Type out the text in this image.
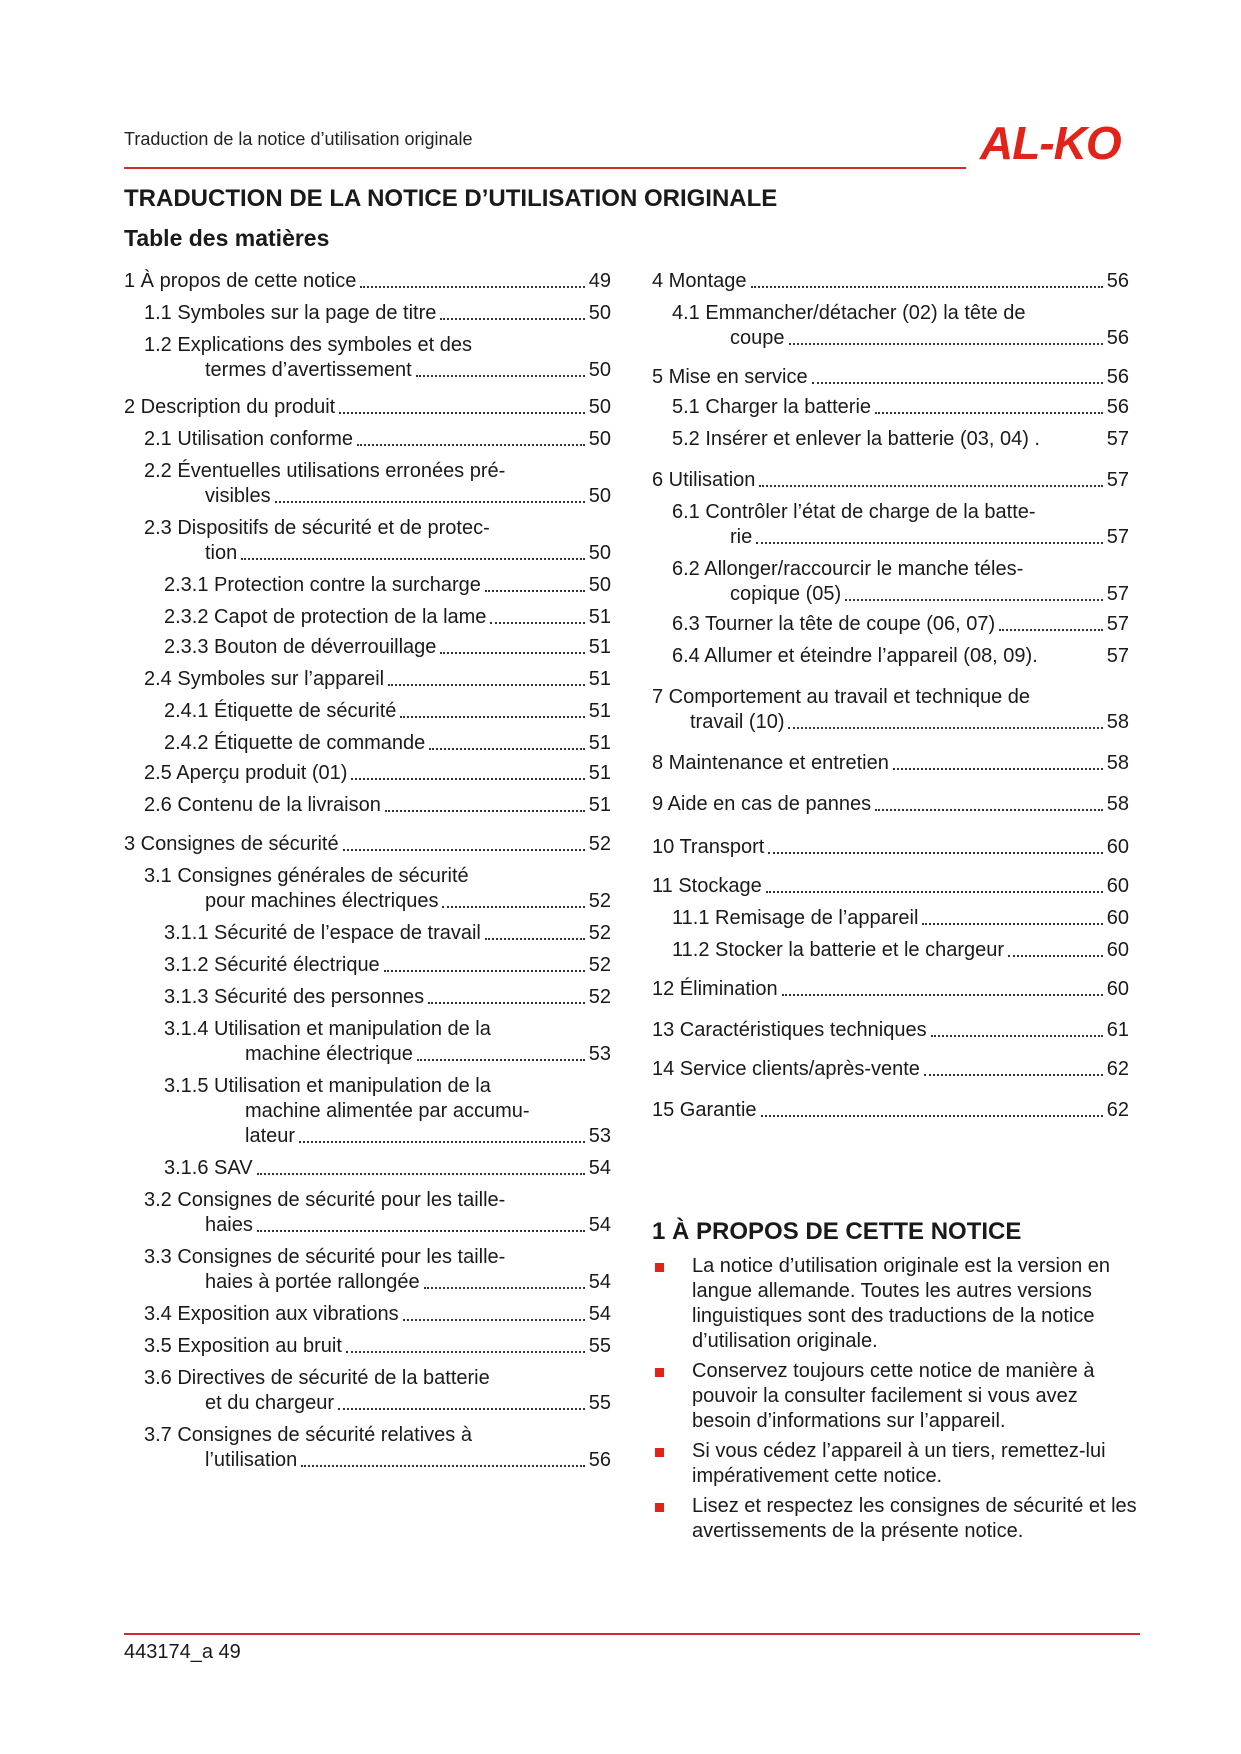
Traduction de la notice d’utilisation originale	AL-KO
TRADUCTION DE LA NOTICE D’UTILISATION ORIGINALE
Table des matières
1 À propos de cette notice	49
1.1 Symboles sur la page de titre	50
1.2 Explications des symboles et des
termes d’avertissement	50
2 Description du produit	50
2.1 Utilisation conforme	50
2.2 Éventuelles utilisations erronées pré-
visibles	50
2.3 Dispositifs de sécurité et de protec-
tion	50
2.3.1 Protection contre la surcharge	50
2.3.2 Capot de protection de la lame	51
2.3.3 Bouton de déverrouillage	51
2.4 Symboles sur l’appareil	51
2.4.1 Étiquette de sécurité	51
2.4.2 Étiquette de commande	51
2.5 Aperçu produit (01)	51
2.6 Contenu de la livraison	51
3 Consignes de sécurité	52
3.1 Consignes générales de sécurité
pour machines électriques	52
3.1.1 Sécurité de l’espace de travail	52
3.1.2 Sécurité électrique	52
3.1.3 Sécurité des personnes	52
3.1.4 Utilisation et manipulation de la
machine électrique	53
3.1.5 Utilisation et manipulation de la
machine alimentée par accumu-
lateur	53
3.1.6 SAV	54
3.2 Consignes de sécurité pour les taille-
haies	54
3.3 Consignes de sécurité pour les taille-
haies à portée rallongée	54
3.4 Exposition aux vibrations	54
3.5 Exposition au bruit	55
3.6 Directives de sécurité de la batterie
et du chargeur	55
3.7 Consignes de sécurité relatives à
l’utilisation	56
4 Montage	56
4.1 Emmancher/détacher (02) la tête de
coupe	56
5 Mise en service	56
5.1 Charger la batterie	56
5.2 Insérer et enlever la batterie (03, 04) .	57
6 Utilisation	57
6.1 Contrôler l’état de charge de la batte-
rie	57
6.2 Allonger/raccourcir le manche téles-
copique (05)	57
6.3 Tourner la tête de coupe (06, 07)	57
6.4 Allumer et éteindre l’appareil (08, 09).	57
7 Comportement au travail et technique de
travail (10)	58
8 Maintenance et entretien	58
9 Aide en cas de pannes	58
10 Transport	60
11 Stockage	60
11.1 Remisage de l’appareil	60
11.2 Stocker la batterie et le chargeur	60
12 Élimination	60
13 Caractéristiques techniques	61
14 Service clients/après-vente	62
15 Garantie	62
1 À PROPOS DE CETTE NOTICE
La notice d’utilisation originale est la version en langue allemande. Toutes les autres versions linguistiques sont des traductions de la notice d’utilisation originale.
Conservez toujours cette notice de manière à pouvoir la consulter facilement si vous avez besoin d’informations sur l’appareil.
Si vous cédez l’appareil à un tiers, remettez-lui impérativement cette notice.
Lisez et respectez les consignes de sécurité et les avertissements de la présente notice.
443174_a 49
